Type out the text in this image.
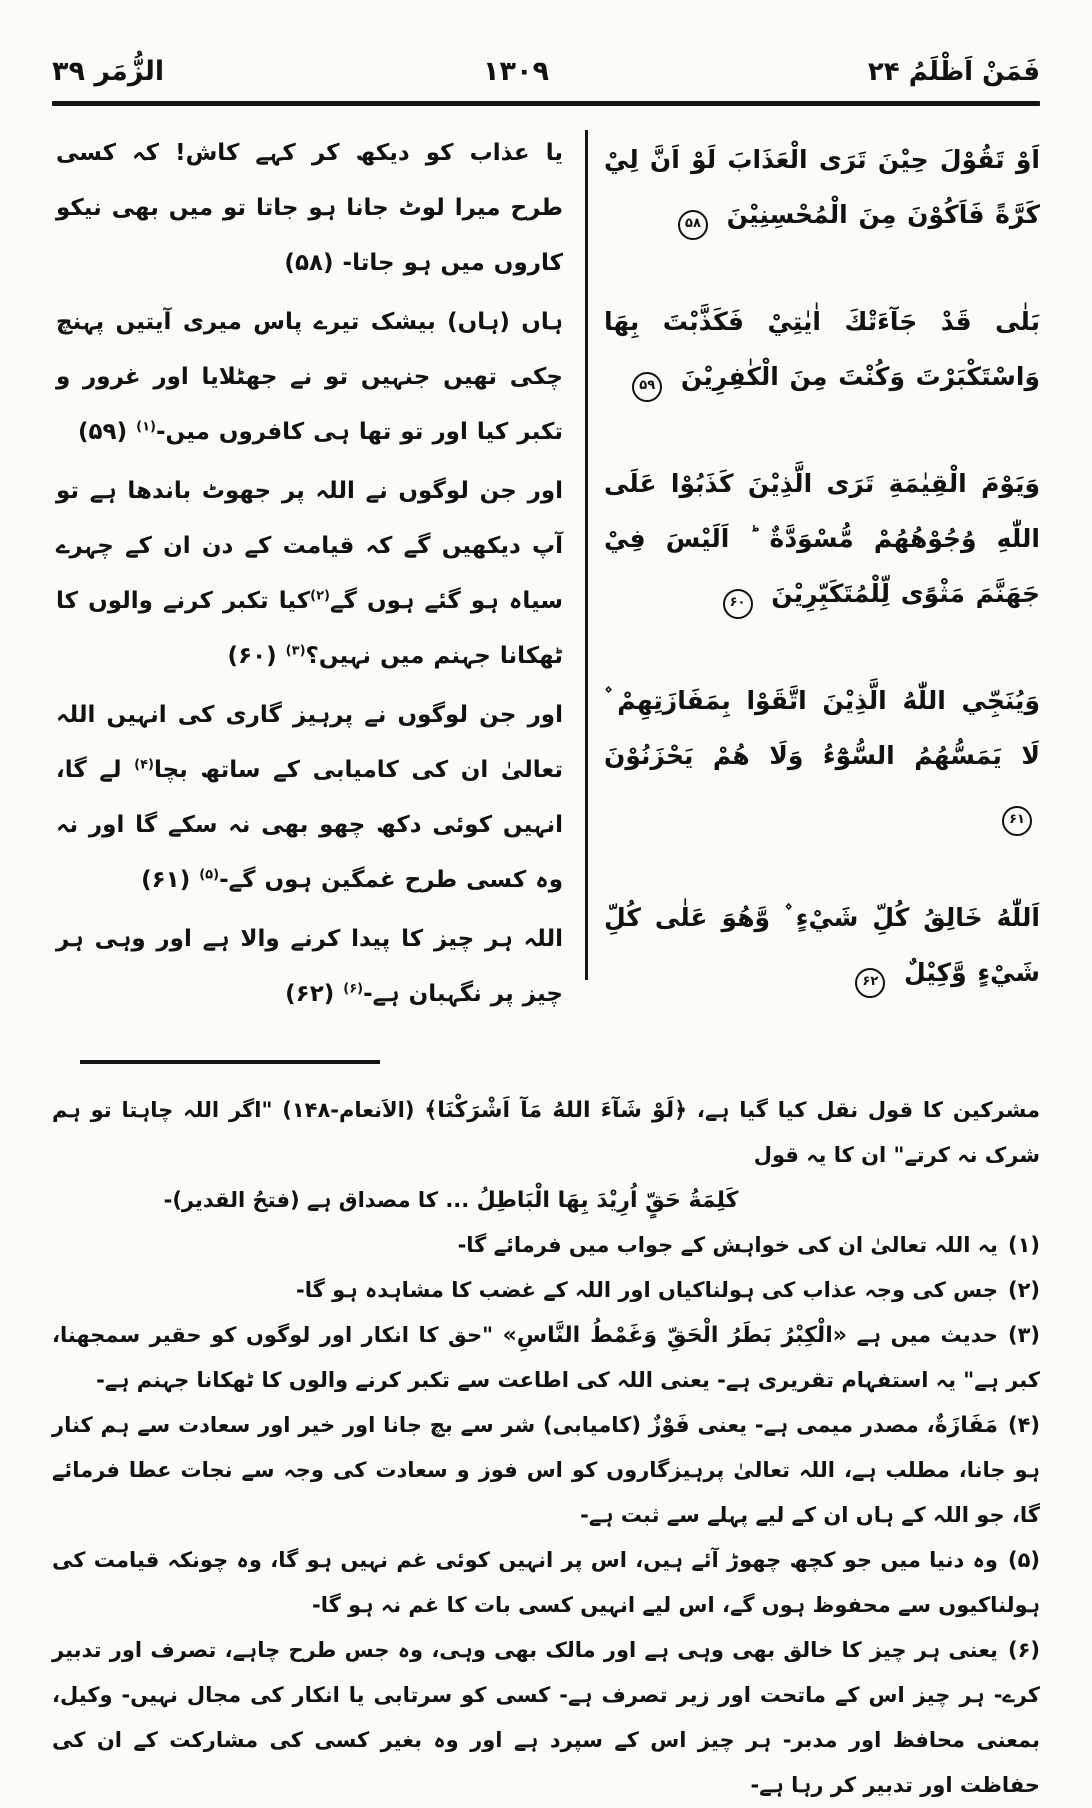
فَمَنْ اَظْلَمُ ۲۴
۱۳۰۹
الزُّمَر ۳۹
اَوْ تَقُوْلَ حِيْنَ تَرَى الْعَذَابَ لَوْ اَنَّ لِيْ كَرَّةً فَاَكُوْنَ مِنَ الْمُحْسِنِيْنَ ۵۸
بَلٰى قَدْ جَآءَتْكَ اٰيٰتِيْ فَكَذَّبْتَ بِهَا وَاسْتَكْبَرْتَ وَكُنْتَ مِنَ الْكٰفِرِيْنَ ۵۹
وَيَوْمَ الْقِيٰمَةِ تَرَى الَّذِيْنَ كَذَبُوْا عَلَى اللّٰهِ وُجُوْهُهُمْ مُّسْوَدَّةٌ ؕ اَلَيْسَ فِيْ جَهَنَّمَ مَثْوًى لِّلْمُتَكَبِّرِيْنَ ۶۰
وَيُنَجِّي اللّٰهُ الَّذِيْنَ اتَّقَوْا بِمَفَازَتِهِمْ ۫ لَا يَمَسُّهُمُ السُّوْٓءُ وَلَا هُمْ يَحْزَنُوْنَ ۶۱
اَللّٰهُ خَالِقُ كُلِّ شَيْءٍ ۫ وَّهُوَ عَلٰى كُلِّ شَيْءٍ وَّكِيْلٌ ۶۲

یا عذاب کو دیکھ کر کہے کاش! کہ کسی طرح میرا لوٹ جانا ہو جاتا تو میں بھی نیکو کاروں میں ہو جاتا- (۵۸)

ہاں (ہاں) بیشک تیرے پاس میری آیتیں پہنچ چکی تھیں جنہیں تو نے جھٹلایا اور غرور و تکبر کیا اور تو تھا ہی کافروں میں-$^{(۱)}$ (۵۹)

اور جن لوگوں نے اللہ پر جھوٹ باندھا ہے تو آپ دیکھیں گے کہ قیامت کے دن ان کے چہرے سیاہ ہو گئے ہوں گے$^{(۲)}$کیا تکبر کرنے والوں کا ٹھکانا جہنم میں نہیں؟$^{(۳)}$ (۶۰)

اور جن لوگوں نے پرہیز گاری کی انہیں اللہ تعالیٰ ان کی کامیابی کے ساتھ بچا$^{(۴)}$ لے گا، انہیں کوئی دکھ چھو بھی نہ سکے گا اور نہ وہ کسی طرح غمگین ہوں گے-$^{(۵)}$ (۶۱)

اللہ ہر چیز کا پیدا کرنے والا ہے اور وہی ہر چیز پر نگہبان ہے-$^{(۶)}$ (۶۲)

مشرکین کا قول نقل کیا گیا ہے، ﴿لَوْ شَآءَ اللهُ مَآ اَشْرَكْنَا﴾ (الاَنعام-۱۴۸) "اگر اللہ چاہتا تو ہم شرک نہ کرتے" ان کا یہ قول

كَلِمَةُ حَقٍّ اُرِيْدَ بِهَا الْبَاطِلُ ... کا مصداق ہے (فتحُ القدیر)-

(۱)یہ اللہ تعالیٰ ان کی خواہش کے جواب میں فرمائے گا-

(۲)جس کی وجہ عذاب کی ہولناکیاں اور اللہ کے غضب کا مشاہدہ ہو گا-

(۳)حدیث میں ہے «الْكِبْرُ بَطَرُ الْحَقِّ وَغَمْطُ النَّاسِ» "حق کا انکار اور لوگوں کو حقیر سمجھنا، کبر ہے" یہ استفہام تقریری ہے- یعنی اللہ کی اطاعت سے تکبر کرنے والوں کا ٹھکانا جہنم ہے-

(۴)مَفَازَةٌ، مصدر میمی ہے- یعنی فَوْزٌ (کامیابی) شر سے بچ جانا اور خیر اور سعادت سے ہم کنار ہو جانا، مطلب ہے، اللہ تعالیٰ پرہیزگاروں کو اس فوز و سعادت کی وجہ سے نجات عطا فرمائے گا، جو اللہ کے ہاں ان کے لیے پہلے سے ثبت ہے-

(۵)وہ دنیا میں جو کچھ چھوڑ آئے ہیں، اس پر انہیں کوئی غم نہیں ہو گا، وہ چونکہ قیامت کی ہولناکیوں سے محفوظ ہوں گے، اس لیے انہیں کسی بات کا غم نہ ہو گا-

(۶)یعنی ہر چیز کا خالق بھی وہی ہے اور مالک بھی وہی، وہ جس طرح چاہے، تصرف اور تدبیر کرے- ہر چیز اس کے ماتحت اور زیر تصرف ہے- کسی کو سرتابی یا انکار کی مجال نہیں- وکیل، بمعنی محافظ اور مدبر- ہر چیز اس کے سپرد ہے اور وہ بغیر کسی کی مشارکت کے ان کی حفاظت اور تدبیر کر رہا ہے-
